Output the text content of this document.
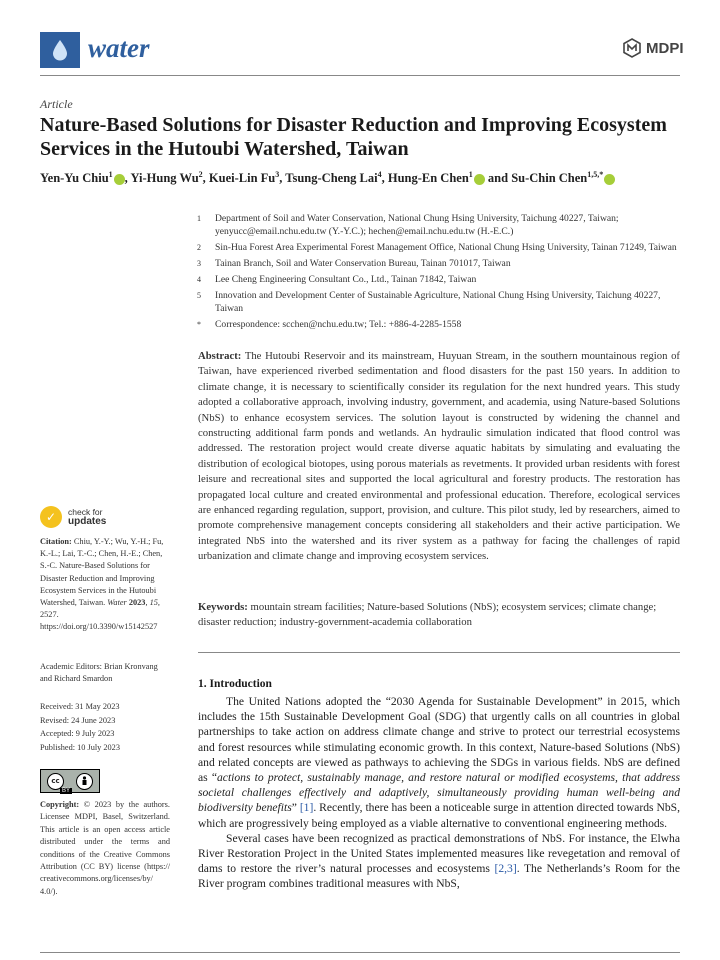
water	MDPI
Article
Nature-Based Solutions for Disaster Reduction and Improving Ecosystem Services in the Hutoubi Watershed, Taiwan
Yen-Yu Chiu$^1$ , Yi-Hung Wu$^2$, Kuei-Lin Fu$^3$, Tsung-Cheng Lai$^4$, Hung-En Chen$^1$ and Su-Chin Chen$^{1,5,*}$
1	Department of Soil and Water Conservation, National Chung Hsing University, Taichung 40227, Taiwan; yenyucc@email.nchu.edu.tw (Y.-Y.C.); hechen@email.nchu.edu.tw (H.-E.C.)
2	Sin-Hua Forest Area Experimental Forest Management Office, National Chung Hsing University, Tainan 71249, Taiwan
3	Tainan Branch, Soil and Water Conservation Bureau, Tainan 701017, Taiwan
4	Lee Cheng Engineering Consultant Co., Ltd., Tainan 71842, Taiwan
5	Innovation and Development Center of Sustainable Agriculture, National Chung Hsing University, Taichung 40227, Taiwan
*	Correspondence: scchen@nchu.edu.tw; Tel.: +886-4-2285-1558
Abstract: The Hutoubi Reservoir and its mainstream, Huyuan Stream, in the southern mountainous region of Taiwan, have experienced riverbed sedimentation and flood disasters for the past 150 years. In addition to climate change, it is necessary to scientifically consider its regulation for the next hundred years. This study adopted a collaborative approach, involving industry, government, and academia, using Nature-based Solutions (NbS) to enhance ecosystem services. The solution layout is constructed by widening the channel and constructing additional farm ponds and wetlands. An hydraulic simulation indicated that flood control was addressed. The restoration project would create diverse aquatic habitats by simulating and evaluating the distribution of ecological biotopes, using porous materials as revetments. It provided urban residents with forest leisure and recreational sites and supported the local agricultural and forestry products. The restoration has propagated local culture and created environmental and professional education. Therefore, ecological services are enhanced regarding regulation, support, provision, and culture. This pilot study, led by researchers, aimed to promote comprehensive management concepts considering all stakeholders and their active participation. We integrated NbS into the watershed and its river system as a pathway for facing the challenges of rapid urbanization and climate change and improving ecosystem services.
Keywords: mountain stream facilities; Nature-based Solutions (NbS); ecosystem services; climate change; disaster reduction; industry-government-academia collaboration
✓	check for
updates
Citation: Chiu, Y.-Y.; Wu, Y.-H.; Fu, K.-L.; Lai, T.-C.; Chen, H.-E.; Chen, S.-C. Nature-Based Solutions for Disaster Reduction and Improving Ecosystem Services in the Hutoubi Watershed, Taiwan. Water 2023, 15, 2527. https://doi.org/10.3390/w15142527
Academic Editors: Brian Kronvang and Richard Smardon
Received: 31 May 2023
Revised: 24 June 2023
Accepted: 9 July 2023
Published: 10 July 2023
cc
BY
Copyright: © 2023 by the authors. Licensee MDPI, Basel, Switzerland. This article is an open access article distributed under the terms and conditions of the Creative Commons Attribution (CC BY) license (https:// creativecommons.org/licenses/by/ 4.0/).
1. Introduction

The United Nations adopted the “2030 Agenda for Sustainable Development” in 2015, which includes the 15th Sustainable Development Goal (SDG) that urgently calls on all countries in global partnerships to take action on address climate change and strive to protect our terrestrial ecosystems and forest resources while stimulating economic growth. In this context, Nature-based Solutions (NbS) and related concepts are viewed as pathways to achieving the SDGs in various fields. NbS are defined as “actions to protect, sustainably manage, and restore natural or modified ecosystems, that address societal challenges effectively and adaptively, simultaneously providing human well-being and biodiversity benefits” [1]. Recently, there has been a noticeable surge in attention directed towards NbS, which are progressively being employed as a viable alternative to conventional engineering methods.

Several cases have been recognized as practical demonstrations of NbS. For instance, the Elwha River Restoration Project in the United States implemented measures like revegetation and removal of dams to restore the river’s natural processes and ecosystems [2,3]. The Netherlands’s Room for the River program combines traditional measures with NbS,
